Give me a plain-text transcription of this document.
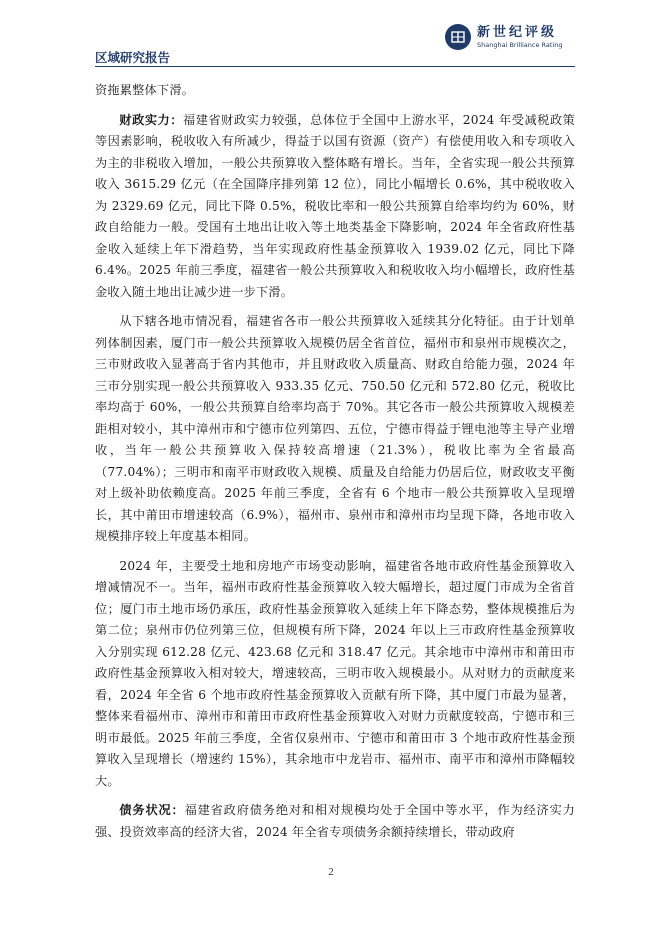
新世纪评级
Shanghai Brilliance Rating
区域研究报告

资拖累整体下滑。

财政实力：福建省财政实力较强，总体位于全国中上游水平，2024 年受减税政策等因素影响，税收收入有所减少，得益于以国有资源（资产）有偿使用收入和专项收入为主的非税收入增加，一般公共预算收入整体略有增长。当年，全省实现一般公共预算收入 3615.29 亿元（在全国降序排列第 12 位），同比小幅增长 0.6%，其中税收收入为 2329.69 亿元，同比下降 0.5%，税收比率和一般公共预算自给率均约为 60%，财政自给能力一般。受国有土地出让收入等土地类基金下降影响，2024 年全省政府性基金收入延续上年下滑趋势，当年实现政府性基金预算收入 1939.02 亿元，同比下降 6.4%。2025 年前三季度，福建省一般公共预算收入和税收收入均小幅增长，政府性基金收入随土地出让减少进一步下滑。

从下辖各地市情况看，福建省各市一般公共预算收入延续其分化特征。由于计划单列体制因素，厦门市一般公共预算收入规模仍居全省首位，福州市和泉州市规模次之，三市财政收入显著高于省内其他市，并且财政收入质量高、财政自给能力强，2024 年三市分别实现一般公共预算收入 933.35 亿元、750.50 亿元和 572.80 亿元，税收比率均高于 60%，一般公共预算自给率均高于 70%。其它各市一般公共预算收入规模差距相对较小，其中漳州市和宁德市位列第四、五位，宁德市得益于锂电池等主导产业增收，当年一般公共预算收入保持较高增速（21.3%），税收比率为全省最高（77.04%）；三明市和南平市财政收入规模、质量及自给能力仍居后位，财政收支平衡对上级补助依赖度高。2025 年前三季度，全省有 6 个地市一般公共预算收入呈现增长，其中莆田市增速较高（6.9%），福州市、泉州市和漳州市均呈现下降，各地市收入规模排序较上年度基本相同。

2024 年，主要受土地和房地产市场变动影响，福建省各地市政府性基金预算收入增减情况不一。当年，福州市政府性基金预算收入较大幅增长，超过厦门市成为全省首位；厦门市土地市场仍承压，政府性基金预算收入延续上年下降态势，整体规模推后为第二位；泉州市仍位列第三位，但规模有所下降，2024 年以上三市政府性基金预算收入分别实现 612.28 亿元、423.68 亿元和 318.47 亿元。其余地市中漳州市和莆田市政府性基金预算收入相对较大，增速较高，三明市收入规模最小。从对财力的贡献度来看，2024 年全省 6 个地市政府性基金预算收入贡献有所下降，其中厦门市最为显著，整体来看福州市、漳州市和莆田市政府性基金预算收入对财力贡献度较高，宁德市和三明市最低。2025 年前三季度，全省仅泉州市、宁德市和莆田市 3 个地市政府性基金预算收入呈现增长（增速约 15%），其余地市中龙岩市、福州市、南平市和漳州市降幅较大。

债务状况：福建省政府债务绝对和相对规模均处于全国中等水平，作为经济实力强、投资效率高的经济大省，2024 年全省专项债务余额持续增长，带动政府

2
